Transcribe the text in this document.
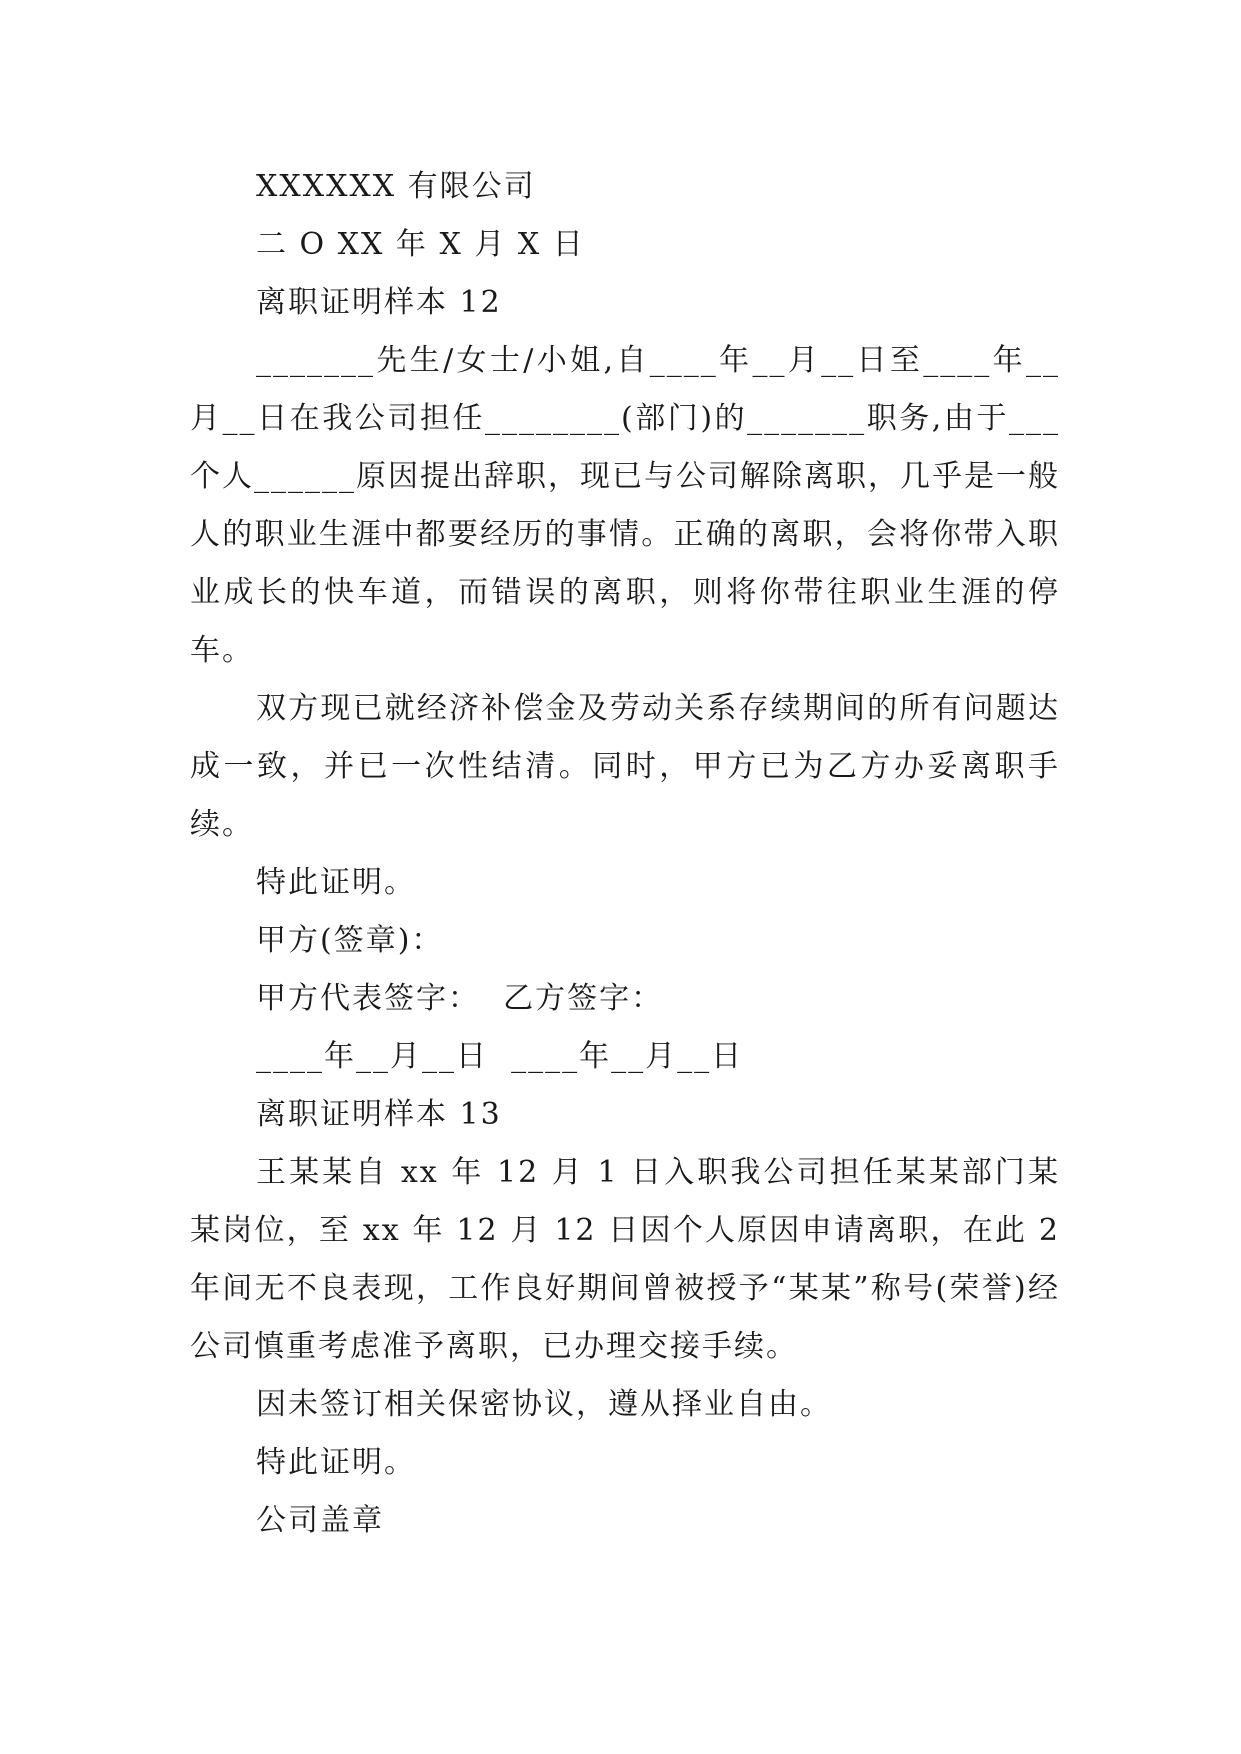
XXXXXX 有限公司

二 O XX 年 X 月 X 日

离职证明样本 12

_______先生/女士/小姐,自____年__月__日至____年__月__日在我公司担任________(部门)的_______职务,由于___个人______原因提出辞职，现已与公司解除离职，几乎是一般人的职业生涯中都要经历的事情。正确的离职，会将你带入职业成长的快车道，而错误的离职，则将你带往职业生涯的停车。

双方现已就经济补偿金及劳动关系存续期间的所有问题达成一致，并已一次性结清。同时，甲方已为乙方办妥离职手续。

特此证明。

甲方(签章)：

甲方代表签字：  乙方签字：

____年__月__日  ____年__月__日

离职证明样本 13

王某某自 xx 年 12 月 1 日入职我公司担任某某部门某某岗位，至 xx 年 12 月 12 日因个人原因申请离职，在此 2 年间无不良表现，工作良好期间曾被授予“某某”称号(荣誉)经公司慎重考虑准予离职，已办理交接手续。

因未签订相关保密协议，遵从择业自由。

特此证明。

公司盖章
